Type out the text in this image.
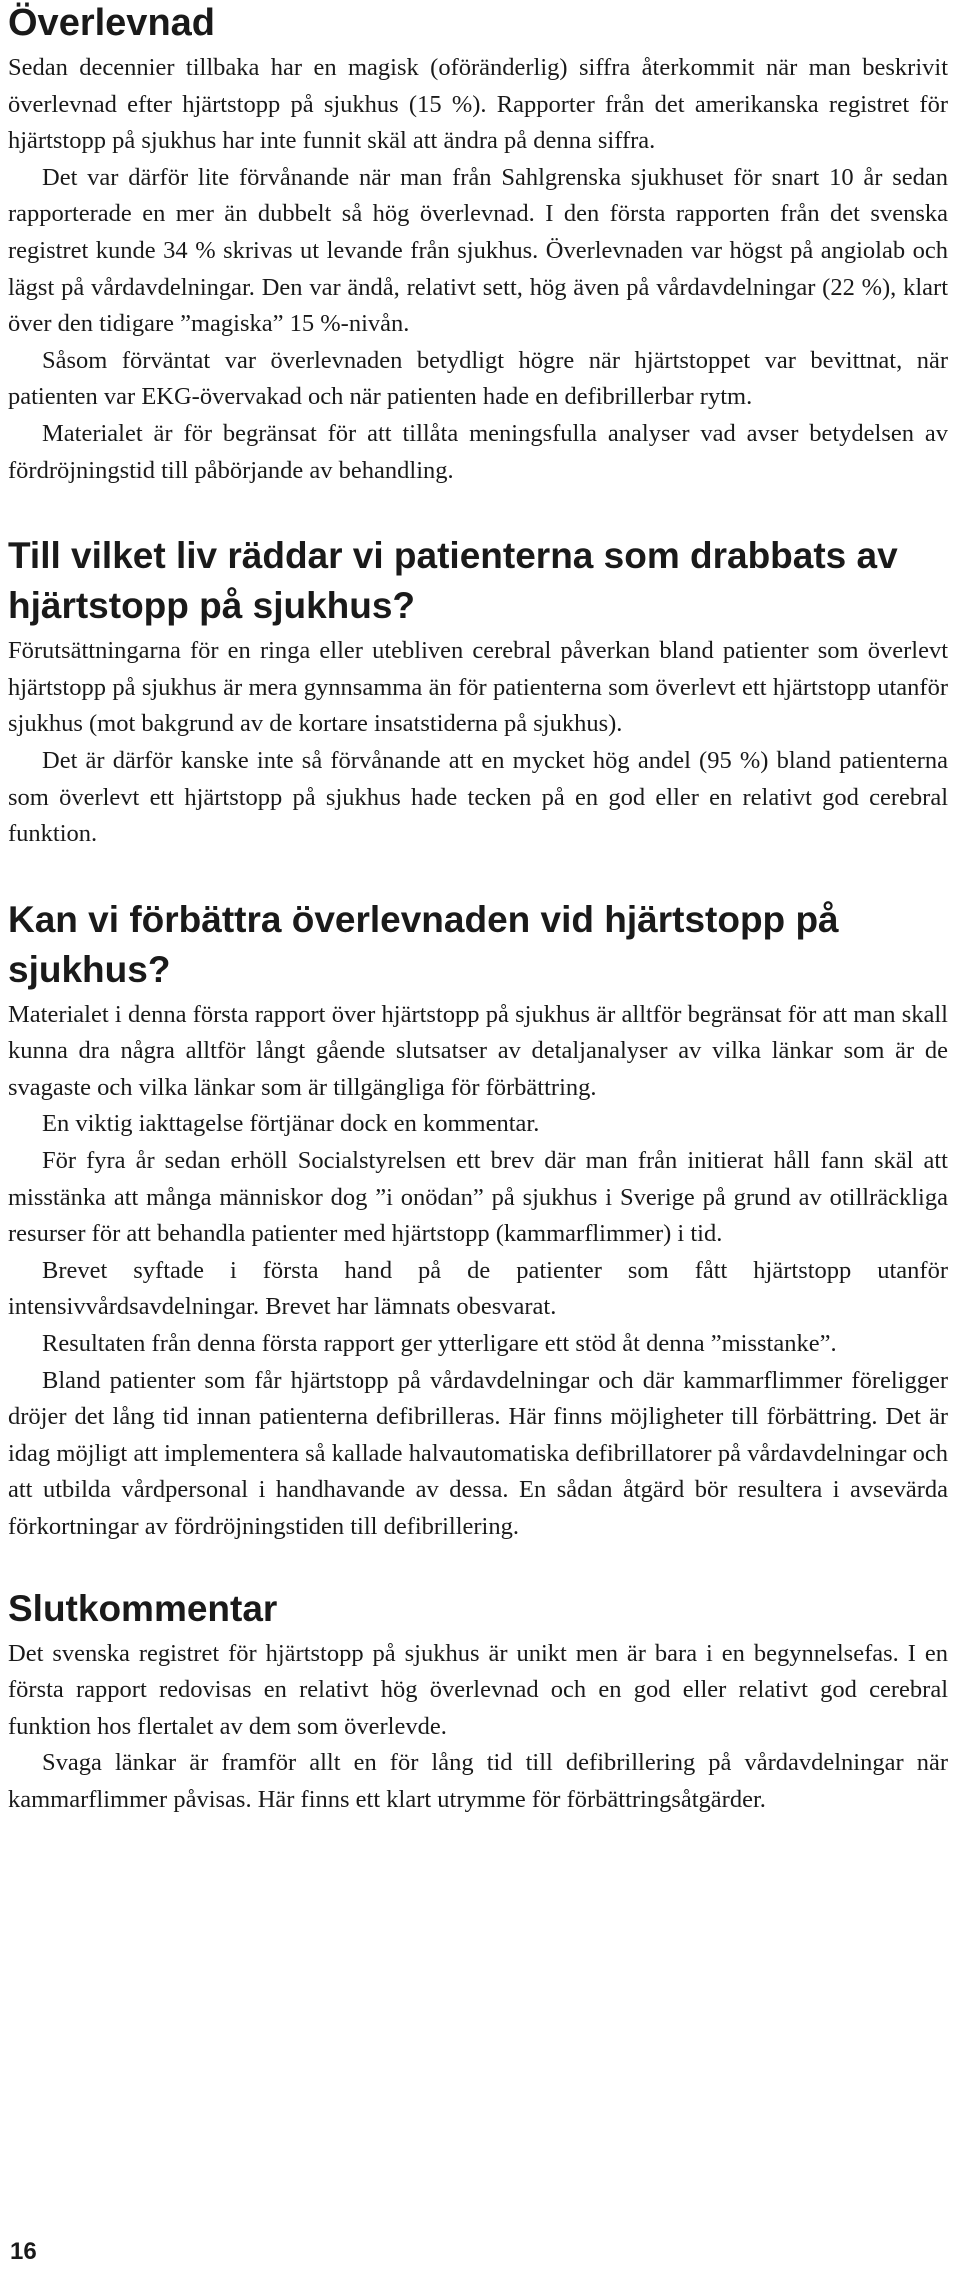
Överlevnad

Sedan decennier tillbaka har en magisk (oföränderlig) siffra återkommit när man beskrivit överlevnad efter hjärtstopp på sjukhus (15 %). Rapporter från det amerikanska registret för hjärtstopp på sjukhus har inte funnit skäl att ändra på denna siffra.

Det var därför lite förvånande när man från Sahlgrenska sjukhuset för snart 10 år sedan rapporterade en mer än dubbelt så hög överlevnad. I den första rapporten från det svenska registret kunde 34 % skrivas ut levande från sjukhus. Överlevnaden var högst på angiolab och lägst på vårdavdelningar. Den var ändå, relativt sett, hög även på vårdavdelningar (22 %), klart över den tidigare ”magiska” 15 %-nivån.

Såsom förväntat var överlevnaden betydligt högre när hjärtstoppet var bevittnat, när patienten var EKG-övervakad och när patienten hade en defibrillerbar rytm.

Materialet är för begränsat för att tillåta meningsfulla analyser vad avser betydelsen av fördröjningstid till påbörjande av behandling.

Till vilket liv räddar vi patienterna som drabbats av hjärtstopp på sjukhus?

Förutsättningarna för en ringa eller utebliven cerebral påverkan bland patienter som överlevt hjärtstopp på sjukhus är mera gynnsamma än för patienterna som överlevt ett hjärtstopp utanför sjukhus (mot bakgrund av de kortare insatstiderna på sjukhus).

Det är därför kanske inte så förvånande att en mycket hög andel (95 %) bland patienterna som överlevt ett hjärtstopp på sjukhus hade tecken på en god eller en relativt god cerebral funktion.

Kan vi förbättra överlevnaden vid hjärtstopp på sjukhus?

Materialet i denna första rapport över hjärtstopp på sjukhus är alltför begränsat för att man skall kunna dra några alltför långt gående slutsatser av detaljanalyser av vilka länkar som är de svagaste och vilka länkar som är tillgängliga för förbättring.

En viktig iakttagelse förtjänar dock en kommentar.

För fyra år sedan erhöll Socialstyrelsen ett brev där man från initierat håll fann skäl att misstänka att många människor dog ”i onödan” på sjukhus i Sverige på grund av otillräckliga resurser för att behandla patienter med hjärtstopp (kammarflimmer) i tid.

Brevet syftade i första hand på de patienter som fått hjärtstopp utanför intensivvårdsavdelningar. Brevet har lämnats obesvarat.

Resultaten från denna första rapport ger ytterligare ett stöd åt denna ”misstanke”.

Bland patienter som får hjärtstopp på vårdavdelningar och där kammarflimmer föreligger dröjer det lång tid innan patienterna defibrilleras. Här finns möjligheter till förbättring. Det är idag möjligt att implementera så kallade halvautomatiska defibrillatorer på vårdavdelningar och att utbilda vårdpersonal i handhavande av dessa. En sådan åtgärd bör resultera i avsevärda förkortningar av fördröjningstiden till defibrillering.

Slutkommentar

Det svenska registret för hjärtstopp på sjukhus är unikt men är bara i en begynnelsefas. I en första rapport redovisas en relativt hög överlevnad och en god eller relativt god cerebral funktion hos flertalet av dem som överlevde.

Svaga länkar är framför allt en för lång tid till defibrillering på vårdavdelningar när kammarflimmer påvisas. Här finns ett klart utrymme för förbättringsåtgärder.

16
